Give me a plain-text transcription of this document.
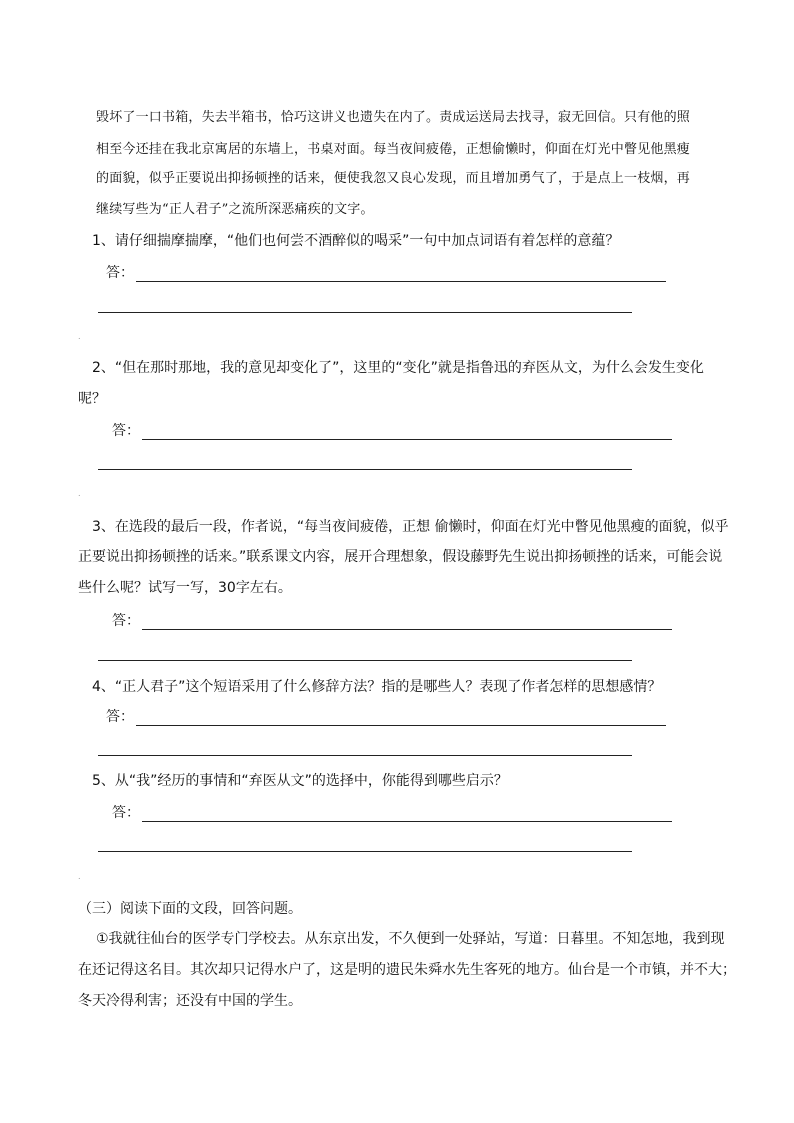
毁坏了一口书箱，失去半箱书，恰巧这讲义也遗失在内了。责成运送局去找寻，寂无回信。只有他的照
相至今还挂在我北京寓居的东墙上，书桌对面。每当夜间疲倦，正想偷懒时，仰面在灯光中瞥见他黑瘦
的面貌，似乎正要说出抑扬顿挫的话来，便使我忽又良心发现，而且增加勇气了，于是点上一枝烟，再
继续写些为“正人君子”之流所深恶痛疾的文字。
1、请仔细揣摩揣摩，“他们也何尝不酒醉似的喝采”一句中加点词语有着怎样的意蕴？
答：
.
2、“但在那时那地，我的意见却变化了”，这里的“变化”就是指鲁迅的弃医从文，为什么会发生变化
呢？
答：
.
3、在选段的最后一段，作者说，“每当夜间疲倦，正想 偷懒时，仰面在灯光中瞥见他黑瘦的面貌，似乎
正要说出抑扬顿挫的话来。”联系课文内容，展开合理想象，假设藤野先生说出抑扬顿挫的话来，可能会说
些什么呢？试写一写，30字左右。
答：
4、“正人君子”这个短语采用了什么修辞方法？指的是哪些人？表现了作者怎样的思想感情？
答：
5、从“我”经历的事情和“弃医从文”的选择中，你能得到哪些启示？
答：
.
（三）阅读下面的文段，回答问题。
①我就往仙台的医学专门学校去。从东京出发，不久便到一处驿站，写道：日暮里。不知怎地，我到现
在还记得这名目。其次却只记得水户了，这是明的遗民朱舜水先生客死的地方。仙台是一个市镇，并不大；
冬天冷得利害；还没有中国的学生。
